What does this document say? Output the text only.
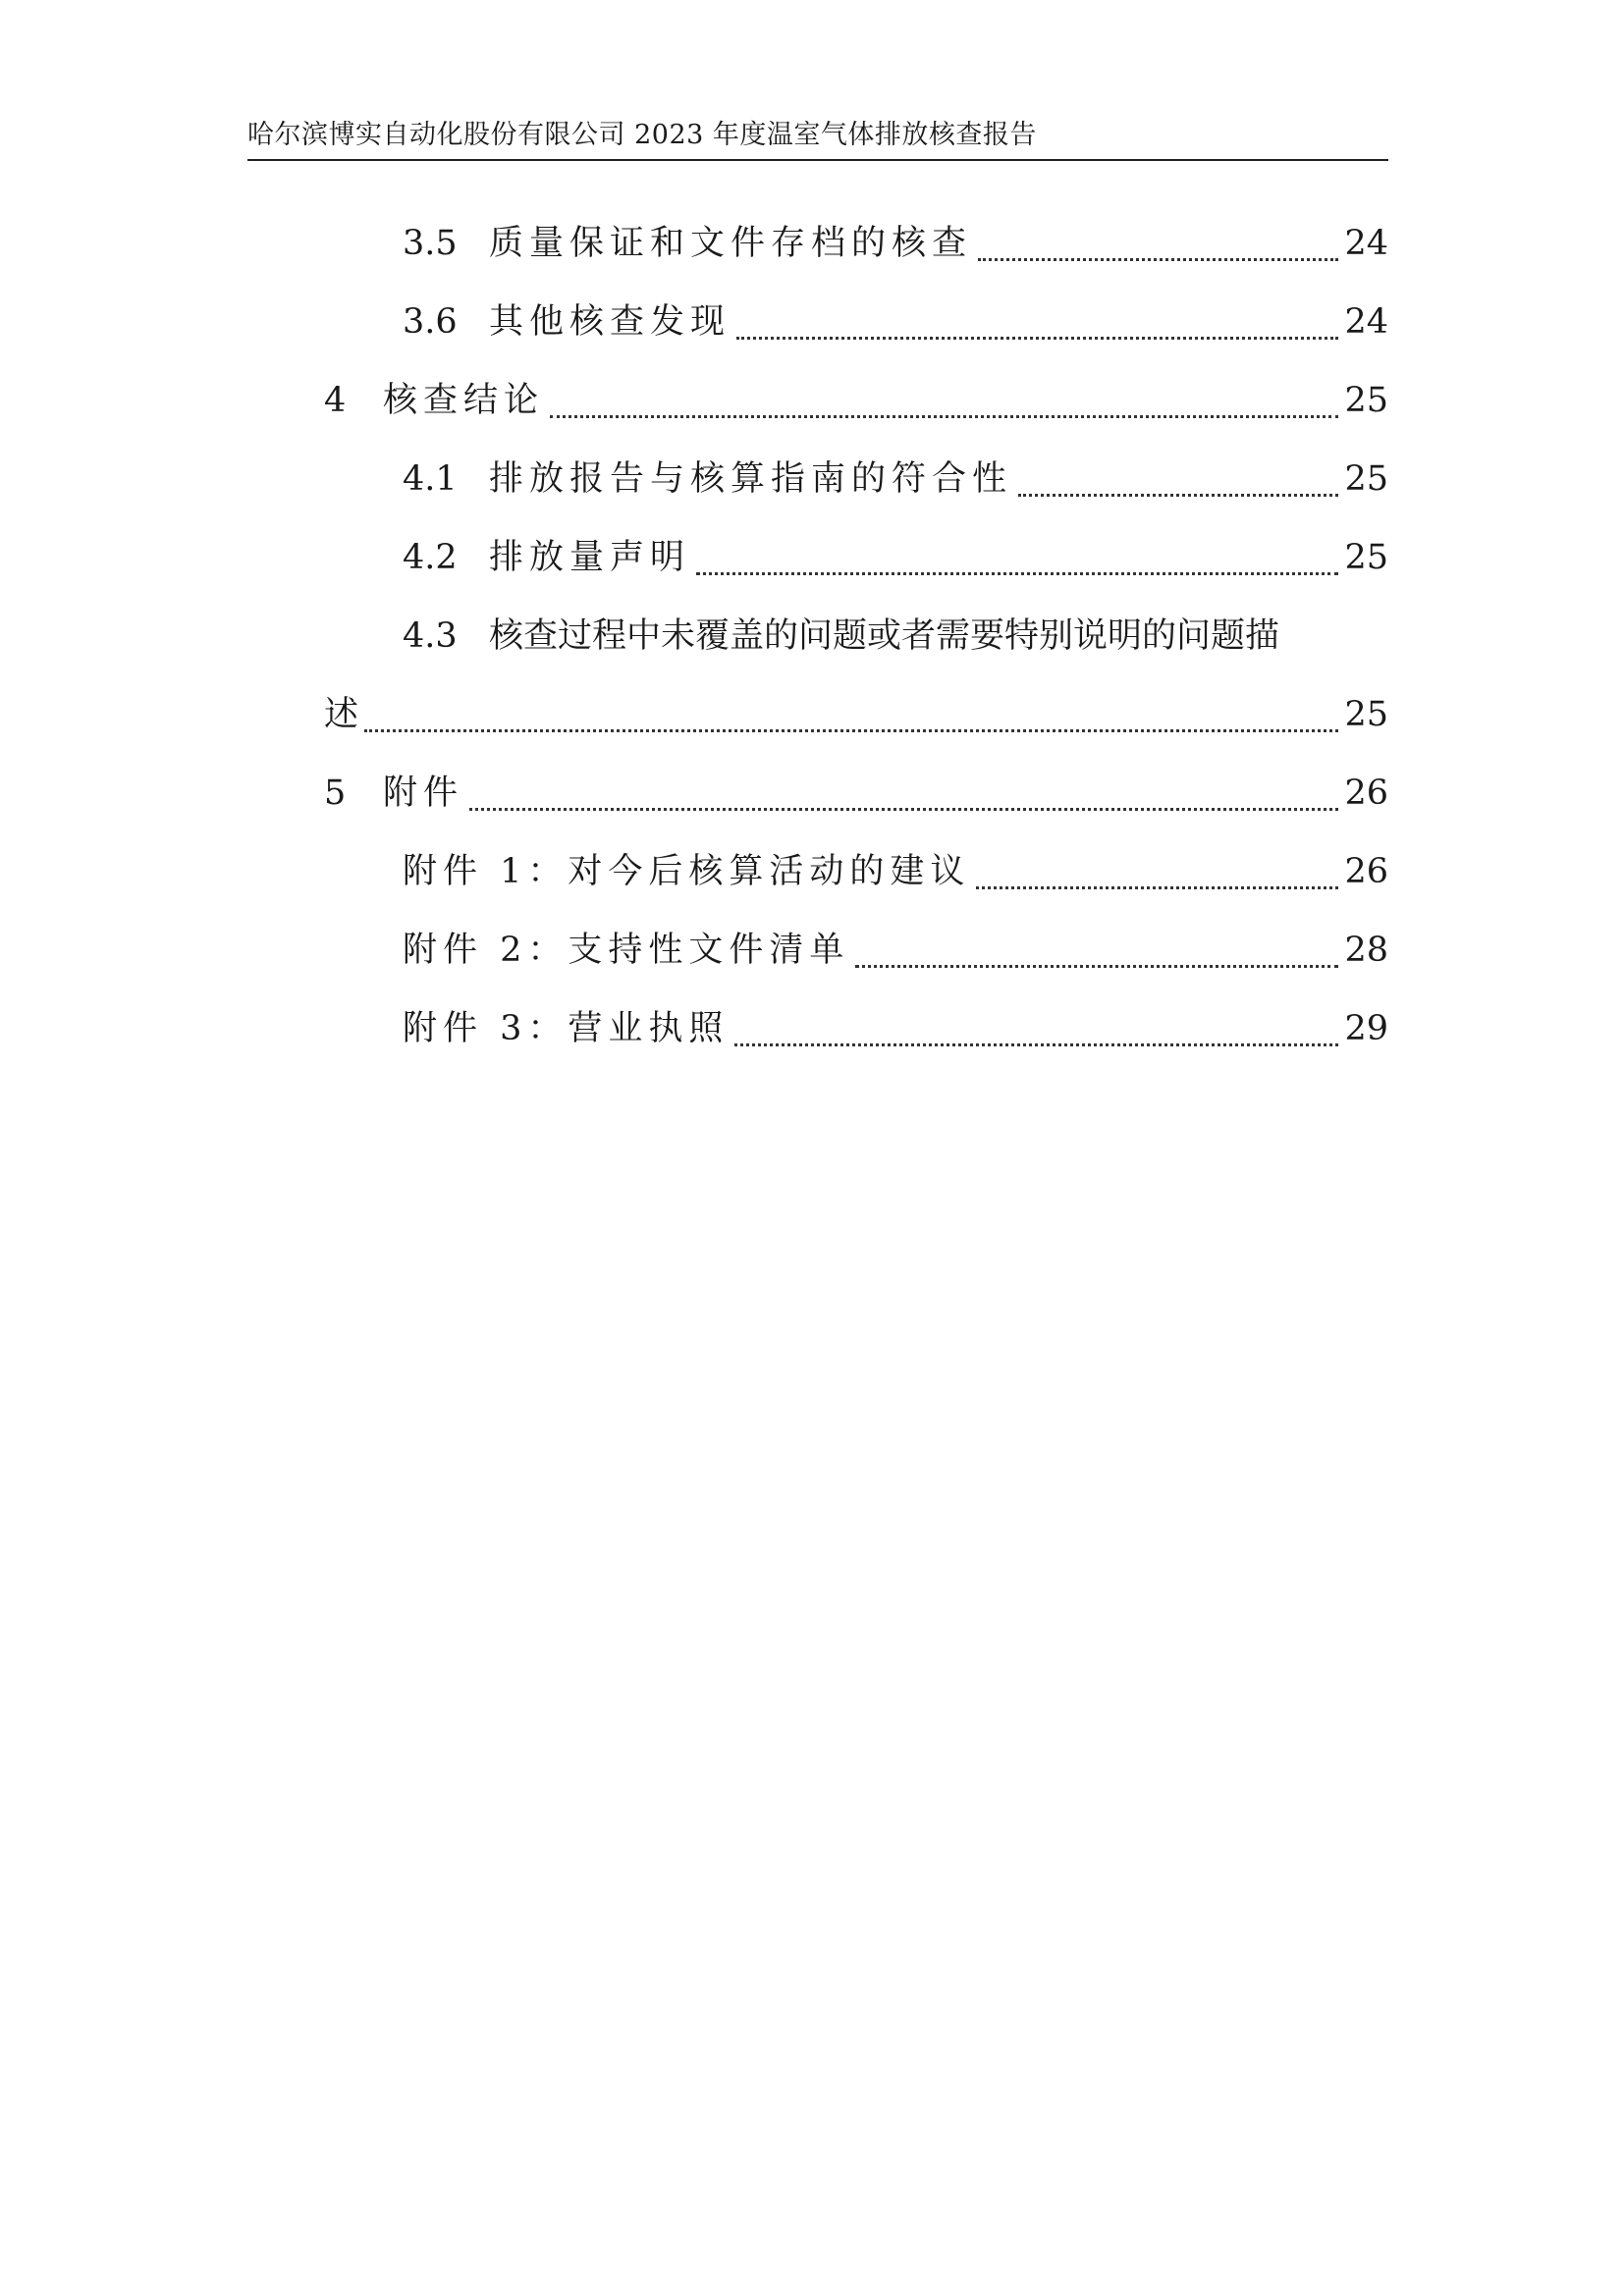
哈尔滨博实自动化股份有限公司 2023 年度温室气体排放核查报告
3.5 质量保证和文件存档的核查	24
3.6 其他核查发现	24
4	核查结论	25
4.1 排放报告与核算指南的符合性	25
4.2 排放量声明	25
4.3 核查过程中未覆盖的问题或者需要特别说明的问题描
述	25
5	附件	26
附件 1：对今后核算活动的建议	26
附件 2：支持性文件清单	28
附件 3：营业执照	29
